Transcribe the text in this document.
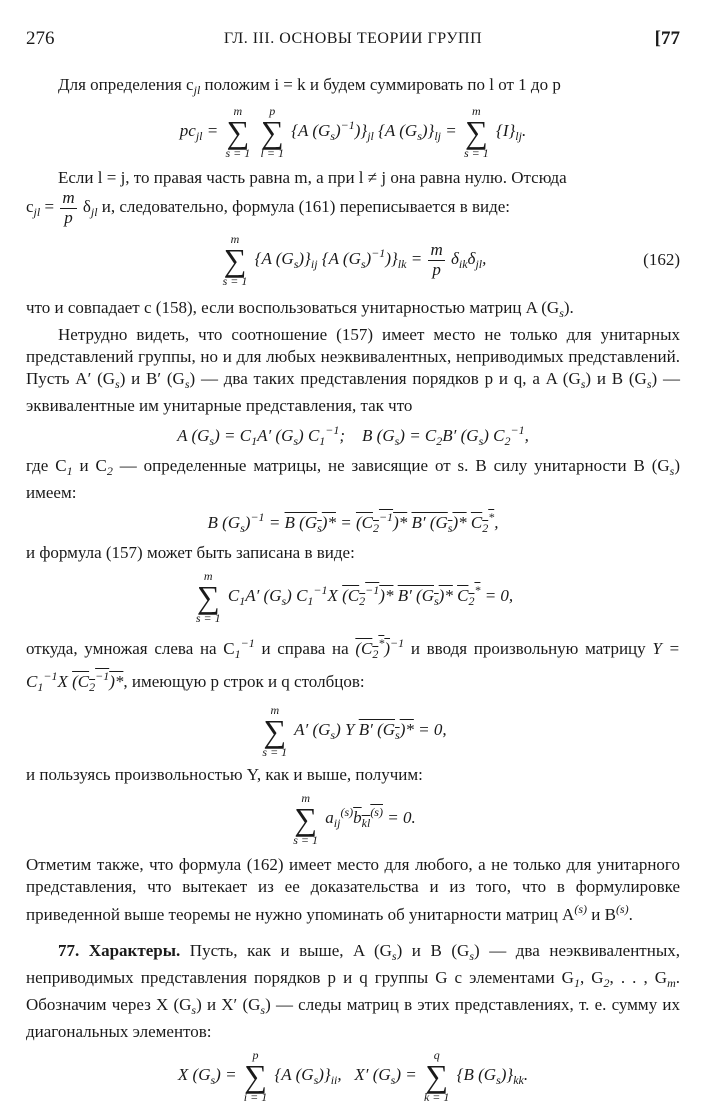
276	ГЛ. III. ОСНОВЫ ТЕОРИИ ГРУПП	[77

Для определения $c_{jl}$ положим i = k и будем суммировать по l от 1 до p

$pc_{jl}$ =
m
∑
s = 1

p
∑
l = 1
{A $(G_s)^{-1})\}_{jl}$ {A $(G_s)\}_{lj}$ =
m
∑
s = 1
$\{I\}_{lj}$.

Если l = j, то правая часть равна m, а при l ≠ j она равна нулю. Отсюда

$c_{jl} = \frac{m}{p} \delta_{jl}$ и, следовательно, формула (161) переписывается в виде:

m
∑
s = 1
{A $(G_s)\}_{ij}$ {A $(G_s)^{-1})\}_{lk} = \frac{m}{p} \delta_{ik}\delta_{jl}$,	(162)

что и совпадает с (158), если воспользоваться унитарностью матриц A $(G_s)$.

Нетрудно видеть, что соотношение (157) имеет место не только для унитарных представлений группы, но и для любых неэквивалентных, неприводимых представлений. Пусть A′ $(G_s)$ и B′ $(G_s)$ — два таких представления порядков p и q, а A $(G_s)$ и B $(G_s)$ — эквивалентные им унитарные представления, так что

A $(G_s) = C_1A'$ $(G_s)$ $C_1^{-1}$;    B $(G_s) = C_2B'$ $(G_s)$ $C_2^{-1}$,

где $C_1$ и $C_2$ — определенные матрицы, не зависящие от s. В силу унитарности B $(G_s)$ имеем:

B $(G_s)^{-1} = B$ $(G_s)* = (C_2^{-1})*$ B′ $(G_s)*$ $C_2^*$,

и формула (157) может быть записана в виде:

m
∑
s = 1
$C_1A'$ $(G_s)$ $C_1^{-1}X$ $(C_2^{-1})*$ B′ $(G_s)*$ $C_2^* = 0$,

откуда, умножая слева на $C_1^{-1}$ и справа на $(C_2^*)^{-1}$ и вводя произвольную матрицу $Y = C_1^{-1}X$ $(C_2^{-1})*$, имеющую p строк и q столбцов:

m
∑
s = 1
A′ $(G_s)$ Y B′ $(G_s)* = 0$,

и пользуясь произвольностью Y, как и выше, получим:

m
∑
s = 1
$a_{ij}^{(s)}b_{kl}^{(s)} = 0$.

Отметим также, что формула (162) имеет место для любого, а не только для унитарного представления, что вытекает из ее доказательства и из того, что в формулировке приведенной выше теоремы не нужно упоминать об унитарности матриц $A^{(s)}$ и $B^{(s)}$.

77. Характеры. Пусть, как и выше, A $(G_s)$ и B $(G_s)$ — два неэквивалентных, неприводимых представления порядков p и q группы G с элементами $G_1$, $G_2$, . . , $G_m$. Обозначим через X $(G_s)$ и X′ $(G_s)$ — следы матриц в этих представлениях, т. е. сумму их диагональных элементов:

X $(G_s)$ =
p
∑
i = 1
{A $(G_s)\}_{ii}$,   X′ $(G_s)$ =
q
∑
k = 1
{B $(G_s)\}_{kk}$.
